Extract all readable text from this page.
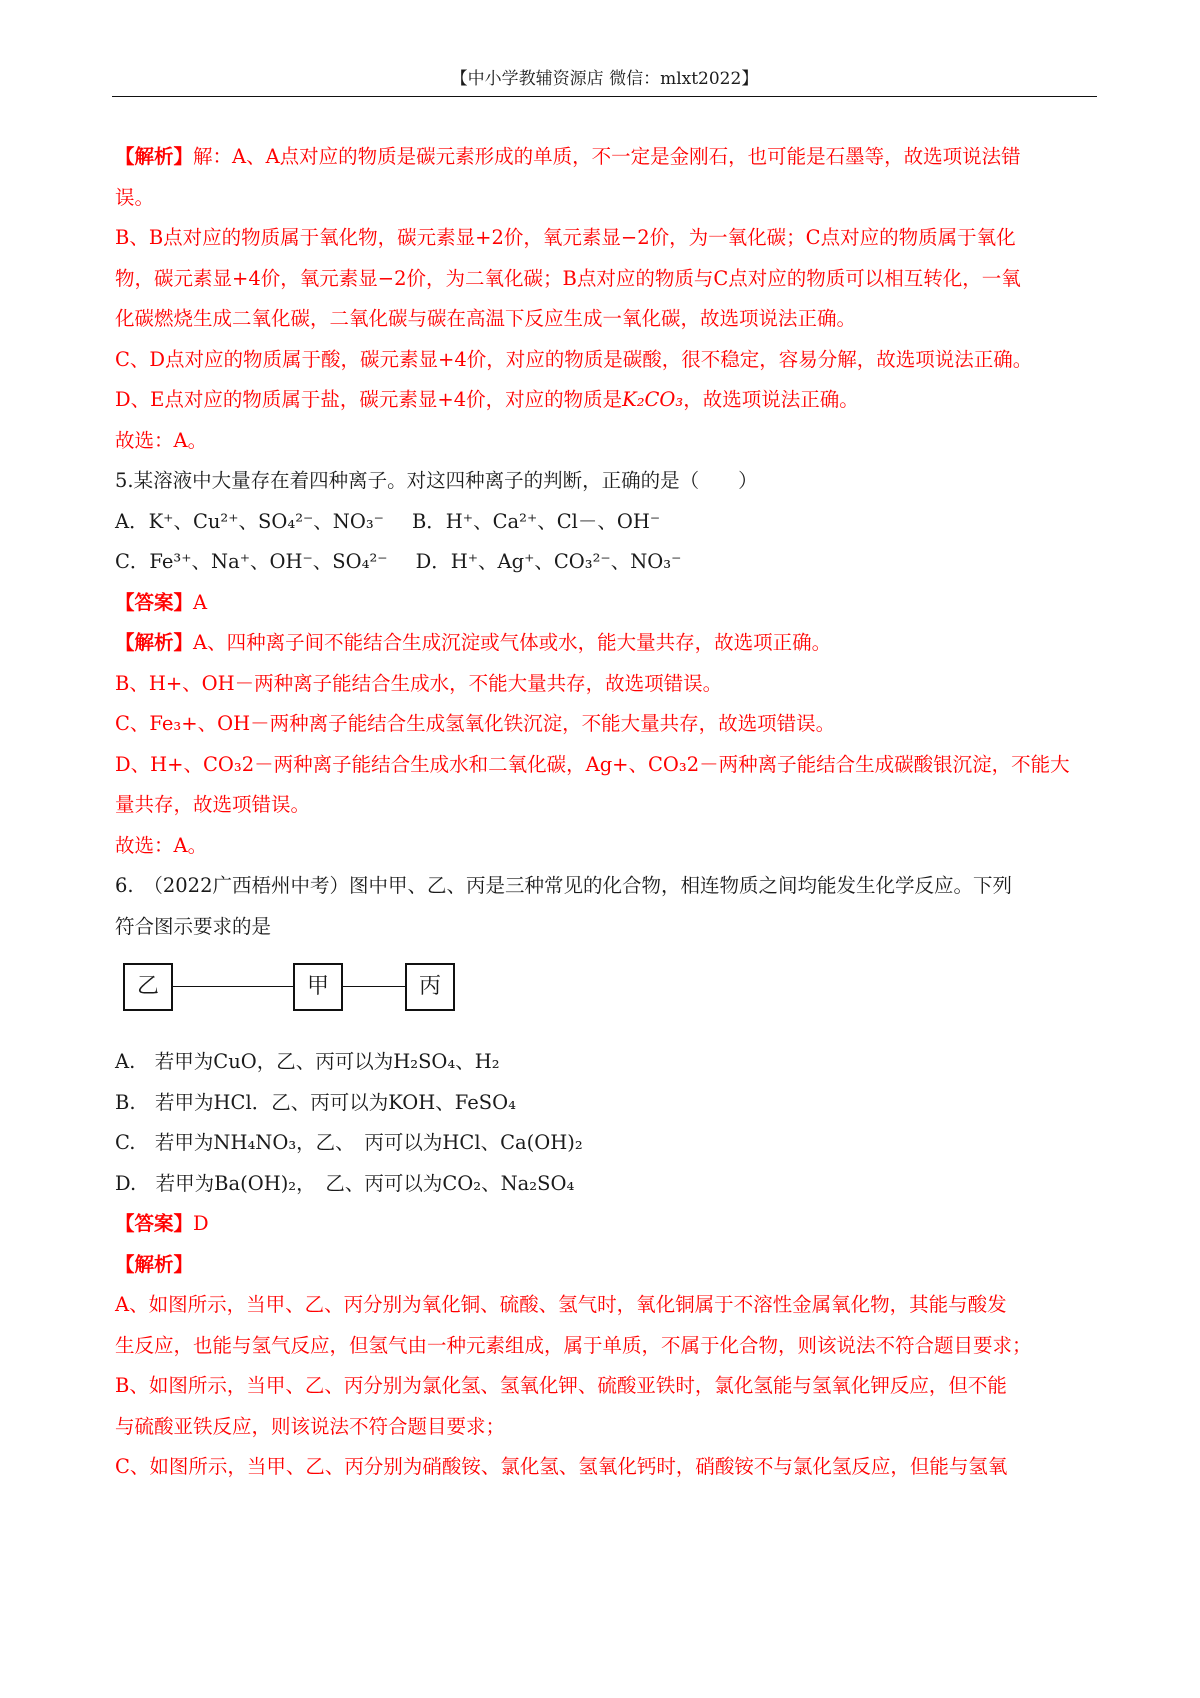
【中小学教辅资源店 微信：mlxt2022】
【解析】解：A、A点对应的物质是碳元素形成的单质，不一定是金刚石，也可能是石墨等，故选项说法错
误。
B、B点对应的物质属于氧化物，碳元素显+2价，氧元素显−2价，为一氧化碳；C点对应的物质属于氧化
物，碳元素显+4价，氧元素显−2价，为二氧化碳；B点对应的物质与C点对应的物质可以相互转化，一氧
化碳燃烧生成二氧化碳，二氧化碳与碳在高温下反应生成一氧化碳，故选项说法正确。
C、D点对应的物质属于酸，碳元素显+4价，对应的物质是碳酸，很不稳定，容易分解，故选项说法正确。
D、E点对应的物质属于盐，碳元素显+4价，对应的物质是K₂CO₃，故选项说法正确。
故选：A。
5.某溶液中大量存在着四种离子。对这四种离子的判断，正确的是（　　）
A．K⁺、Cu²⁺、SO₄²⁻、NO₃⁻ B．H⁺、Ca²⁺、Cl－、OH⁻
C．Fe³⁺、Na⁺、OH⁻、SO₄²⁻ D．H⁺、Ag⁺、CO₃²⁻、NO₃⁻
【答案】A
【解析】A、四种离子间不能结合生成沉淀或气体或水，能大量共存，故选项正确。
B、H+、OH－两种离子能结合生成水，不能大量共存，故选项错误。
C、Fe₃+、OH－两种离子能结合生成氢氧化铁沉淀，不能大量共存，故选项错误。
D、H+、CO₃2－两种离子能结合生成水和二氧化碳，Ag+、CO₃2－两种离子能结合生成碳酸银沉淀，不能大
量共存，故选项错误。
故选：A。
6.　（2022广西梧州中考）图中甲、乙、丙是三种常见的化合物，相连物质之间均能发生化学反应。下列
符合图示要求的是
乙	甲	丙
A.　若甲为CuO，乙、丙可以为H₂SO₄、H₂
B.　若甲为HCl．乙、丙可以为KOH、FeSO₄
C.　若甲为NH₄NO₃，乙、　丙可以为HCl、Ca(OH)₂
D.　若甲为Ba(OH)₂，　乙、丙可以为CO₂、Na₂SO₄
【答案】D
【解析】
A、如图所示，当甲、乙、丙分别为氧化铜、硫酸、氢气时，氧化铜属于不溶性金属氧化物，其能与酸发
生反应，也能与氢气反应，但氢气由一种元素组成，属于单质，不属于化合物，则该说法不符合题目要求；
B、如图所示，当甲、乙、丙分别为氯化氢、氢氧化钾、硫酸亚铁时，氯化氢能与氢氧化钾反应，但不能
与硫酸亚铁反应，则该说法不符合题目要求；
C、如图所示，当甲、乙、丙分别为硝酸铵、氯化氢、氢氧化钙时，硝酸铵不与氯化氢反应，但能与氢氧
